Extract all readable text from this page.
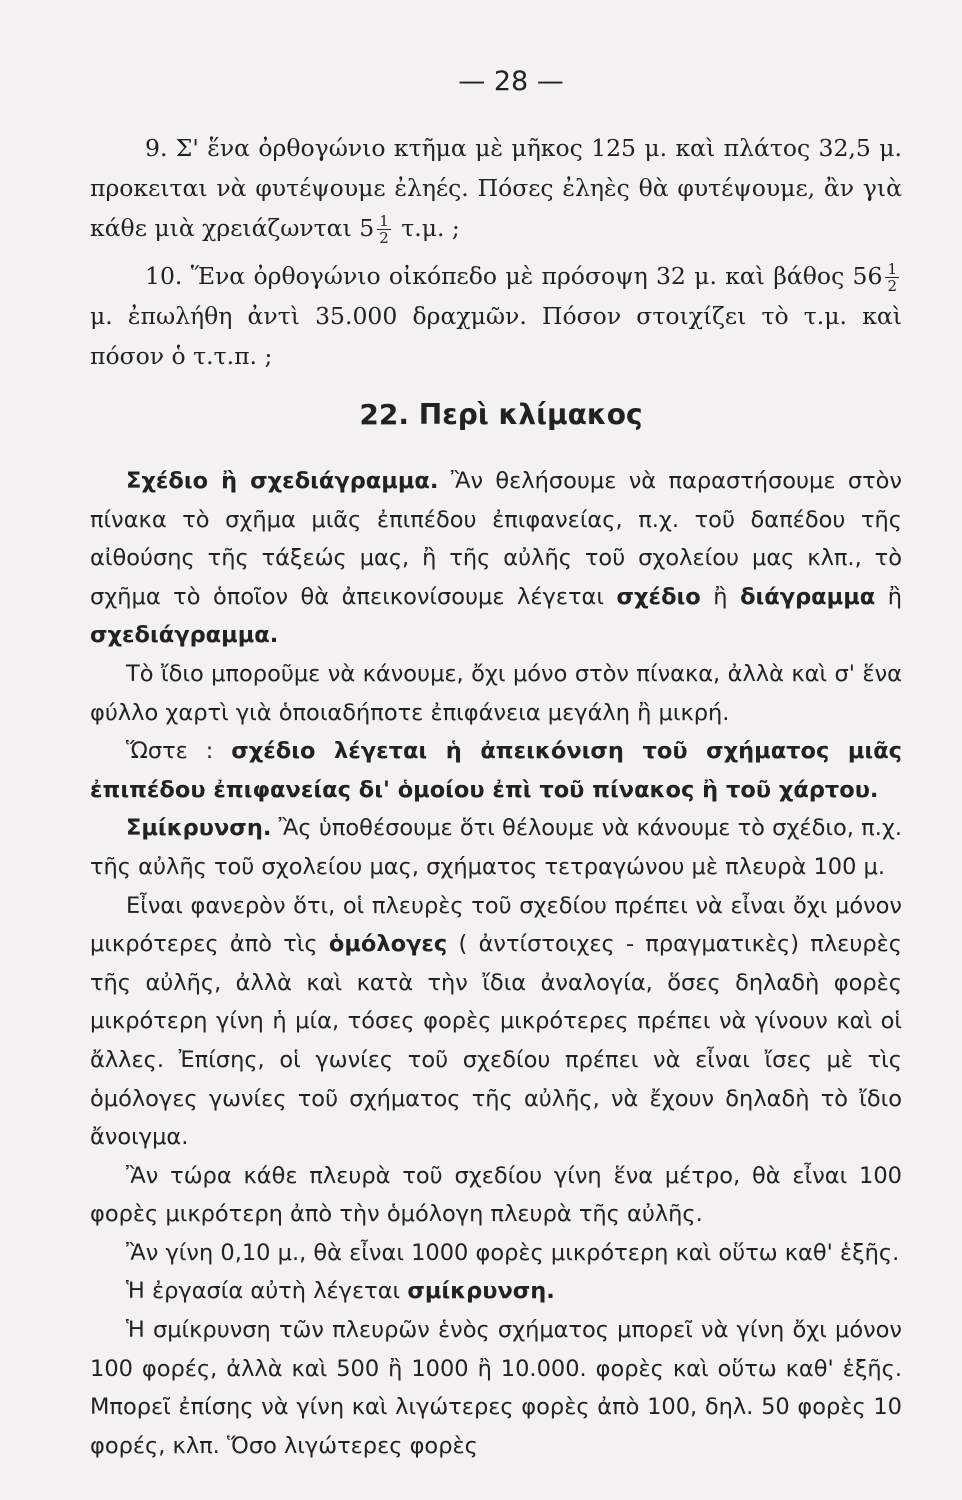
— 28 —
9. Σ' ἕνα ὀρθογώνιο κτῆμα μὲ μῆκος 125 μ. καὶ πλάτος 32,5 μ. προκειται νὰ φυτέψουμε ἐληές. Πόσες ἐληὲς θὰ φυτέψουμε, ἂν γιὰ κάθε μιὰ χρειάζωνται $5 \frac{1}{2} \tau.\mu$. ;
10. Ἕνα ὀρθογώνιο οἰκόπεδο μὲ πρόσοψη 32 μ. καὶ βάθος $56 \frac{1}{2}$
μ. ἐπωλήθη ἀντὶ 35.000 δραχμῶν. Πόσον στοιχίζει τὸ τ.μ. καὶ πόσον ὁ τ.τ.π. ;
22. Περὶ κλίμακος

Σχέδιο ἢ σχεδιάγραμμα. Ἂν θελήσουμε νὰ παραστήσουμε στὸν πίνακα τὸ σχῆμα μιᾶς ἐπιπέδου ἐπιφανείας, π.χ. τοῦ δαπέδου τῆς αἰθούσης τῆς τάξεώς μας, ἢ τῆς αὐλῆς τοῦ σχολείου μας κλπ., τὸ σχῆμα τὸ ὁποῖον θὰ ἀπεικονίσουμε λέγεται σχέδιο ἢ διάγραμμα ἢ σχεδιάγραμμα.

Τὸ ἴδιο μποροῦμε νὰ κάνουμε, ὄχι μόνο στὸν πίνακα, ἀλλὰ καὶ σ' ἕνα φύλλο χαρτὶ γιὰ ὁποιαδήποτε ἐπιφάνεια μεγάλη ἢ μικρή.

Ὥστε : σχέδιο λέγεται ἡ ἀπεικόνιση τοῦ σχήματος μιᾶς ἐπιπέδου ἐπιφανείας δι' ὁμοίου ἐπὶ τοῦ πίνακος ἢ τοῦ χάρτου.

Σμίκρυνση. Ἂς ὑποθέσουμε ὅτι θέλουμε νὰ κάνουμε τὸ σχέδιο, π.χ. τῆς αὐλῆς τοῦ σχολείου μας, σχήματος τετραγώνου μὲ πλευρὰ 100 μ.

Εἶναι φανερὸν ὅτι, οἱ πλευρὲς τοῦ σχεδίου πρέπει νὰ εἶναι ὄχι μόνον μικρότερες ἀπὸ τὶς ὁμόλογες ( ἀντίστοιχες - πραγματικὲς) πλευρὲς τῆς αὐλῆς, ἀλλὰ καὶ κατὰ τὴν ἴδια ἀναλογία, ὅσες δηλαδὴ φορὲς μικρότερη γίνη ἡ μία, τόσες φορὲς μικρότερες πρέπει νὰ γίνουν καὶ οἱ ἄλλες. Ἐπίσης, οἱ γωνίες τοῦ σχεδίου πρέπει νὰ εἶναι ἴσες μὲ τὶς ὁμόλογες γωνίες τοῦ σχήματος τῆς αὐλῆς, νὰ ἔχουν δηλαδὴ τὸ ἴδιο ἄνοιγμα.

Ἂν τώρα κάθε πλευρὰ τοῦ σχεδίου γίνη ἕνα μέτρο, θὰ εἶναι 100 φορὲς μικρότερη ἀπὸ τὴν ὁμόλογη πλευρὰ τῆς αὐλῆς.

Ἂν γίνη 0,10 μ., θὰ εἶναι 1000 φορὲς μικρότερη καὶ οὕτω καθ' ἑξῆς.

Ἡ ἐργασία αὐτὴ λέγεται σμίκρυνση.

Ἡ σμίκρυνση τῶν πλευρῶν ἑνὸς σχήματος μπορεῖ νὰ γίνη ὄχι μόνον 100 φορές, ἀλλὰ καὶ 500 ἢ 1000 ἢ 10.000. φορὲς καὶ οὕτω καθ' ἑξῆς. Μπορεῖ ἐπίσης νὰ γίνη καὶ λιγώτερες φορὲς ἀπὸ 100, δηλ. 50 φορὲς 10 φορές, κλπ. Ὅσο λιγώτερες φορὲς
